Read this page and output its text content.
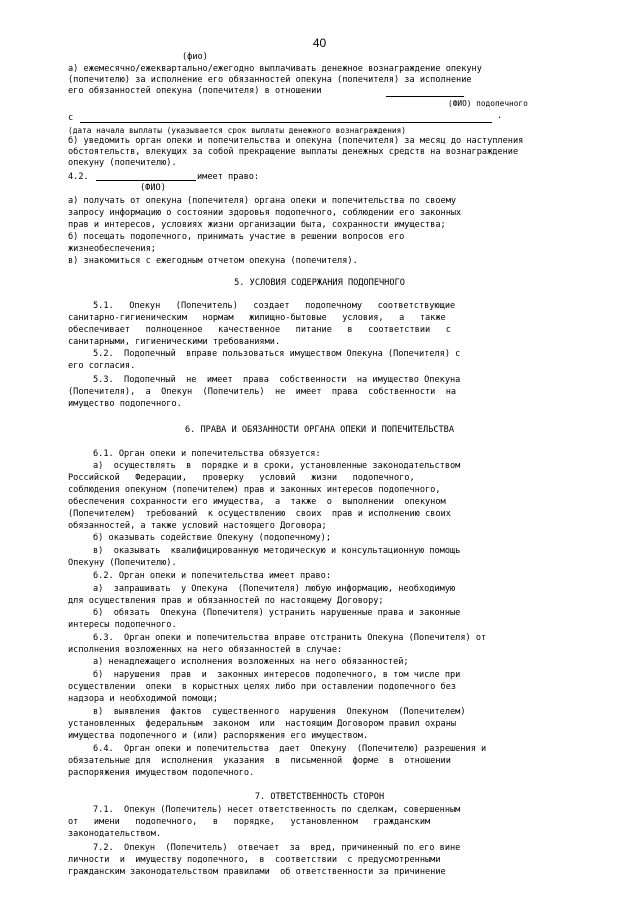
40
(фио)
а) ежемесячно/ежеквартально/ежегодно выплачивать денежное вознаграждение опекуну
(попечителю) за исполнение его обязанностей опекуна (попечителя) за исполнение
его обязанностей опекуна (попечителя) в отношении
(ФИО) подопечного
с	.
(дата начала выплаты (указывается срок выплаты денежного вознаграждения)
б) уведомить орган опеки и попечительства и опекуна (попечителя) за месяц до наступления
обстоятельств, влекущих за собой прекращение выплаты денежных средств на вознаграждение
опекуну (попечителю).
4.2.	имеет право:
(ФИО)
а) получать от опекуна (попечителя) органа опеки и попечительства по своему
запросу информацию о состоянии здоровья подопечного, соблюдении его законных
прав и интересов, условиях жизни организации быта, сохранности имущества;
б) посещать подопечного, принимать участие в решении вопросов его
жизнеобеспечения;
в) знакомиться с ежегодным отчетом опекуна (попечителя).
5. УСЛОВИЯ СОДЕРЖАНИЯ ПОДОПЕЧНОГО
5.1.   Опекун   (Попечитель)   создает   подопечному   соответствующие
санитарно-гигиеническим   нормам   жилищно-бытовые   условия,   а   также
обеспечивает   полноценное   качественное   питание   в   соответствии   с
санитарными, гигиеническими требованиями.
5.2.  Подопечный  вправе пользоваться имуществом Опекуна (Попечителя) с
его согласия.
5.3.  Подопечный  не  имеет  права  собственности  на имущество Опекуна
(Попечителя),  а  Опекун  (Попечитель)  не  имеет  права  собственности  на
имущество подопечного.
6. ПРАВА И ОБЯЗАННОСТИ ОРГАНА ОПЕКИ И ПОПЕЧИТЕЛЬСТВА
6.1. Орган опеки и попечительства обязуется:
а)  осуществлять  в  порядке и в сроки, установленные законодательством
Российской   Федерации,   проверку   условий   жизни   подопечного,
соблюдения опекуном (попечителем) прав и законных интересов подопечного,
обеспечения сохранности его имущества,  а  также  о  выполнении  опекуном
(Попечителем)  требований  к осуществлению  своих  прав и исполнению своих
обязанностей, а также условий настоящего Договора;
б) оказывать содействие Опекуну (подопечному);
в)  оказывать  квалифицированную методическую и консультационную помощь
Опекуну (Попечителю).
6.2. Орган опеки и попечительства имеет право:
а)  запрашивать  у Опекуна  (Попечителя) любую информацию, необходимую
для осуществления прав и обязанностей по настоящему Договору;
б)  обязать  Опекуна (Попечителя) устранить нарушенные права и законные
интересы подопечного.
6.3.  Орган опеки и попечительства вправе отстранить Опекуна (Попечителя) от
исполнения возложенных на него обязанностей в случае:
а) ненадлежащего исполнения возложенных на него обязанностей;
б)  нарушения  прав  и  законных интересов подопечного, в том числе при
осуществлении  опеки  в корыстных целях либо при оставлении подопечного без
надзора и необходимой помощи;
в)  выявления  фактов  существенного  нарушения  Опекуном  (Попечителем)
установленных  федеральным  законом  или  настоящим Договором правил охраны
имущества подопечного и (или) распоряжения его имуществом.
6.4.  Орган опеки и попечительства  дает  Опекуну  (Попечителю) разрешения и
обязательные для  исполнения  указания  в  письменной  форме  в  отношении
распоряжения имуществом подопечного.
7. ОТВЕТСТВЕННОСТЬ СТОРОН
7.1.  Опекун (Попечитель) несет ответственность по сделкам, совершенным
от   имени   подопечного,   в   порядке,   установленном   гражданским
законодательством.
7.2.  Опекун  (Попечитель)  отвечает  за  вред, причиненный по его вине
личности  и  имуществу подопечного,  в  соответствии  с предусмотренными
гражданским законодательством правилами  об ответственности за причинение
